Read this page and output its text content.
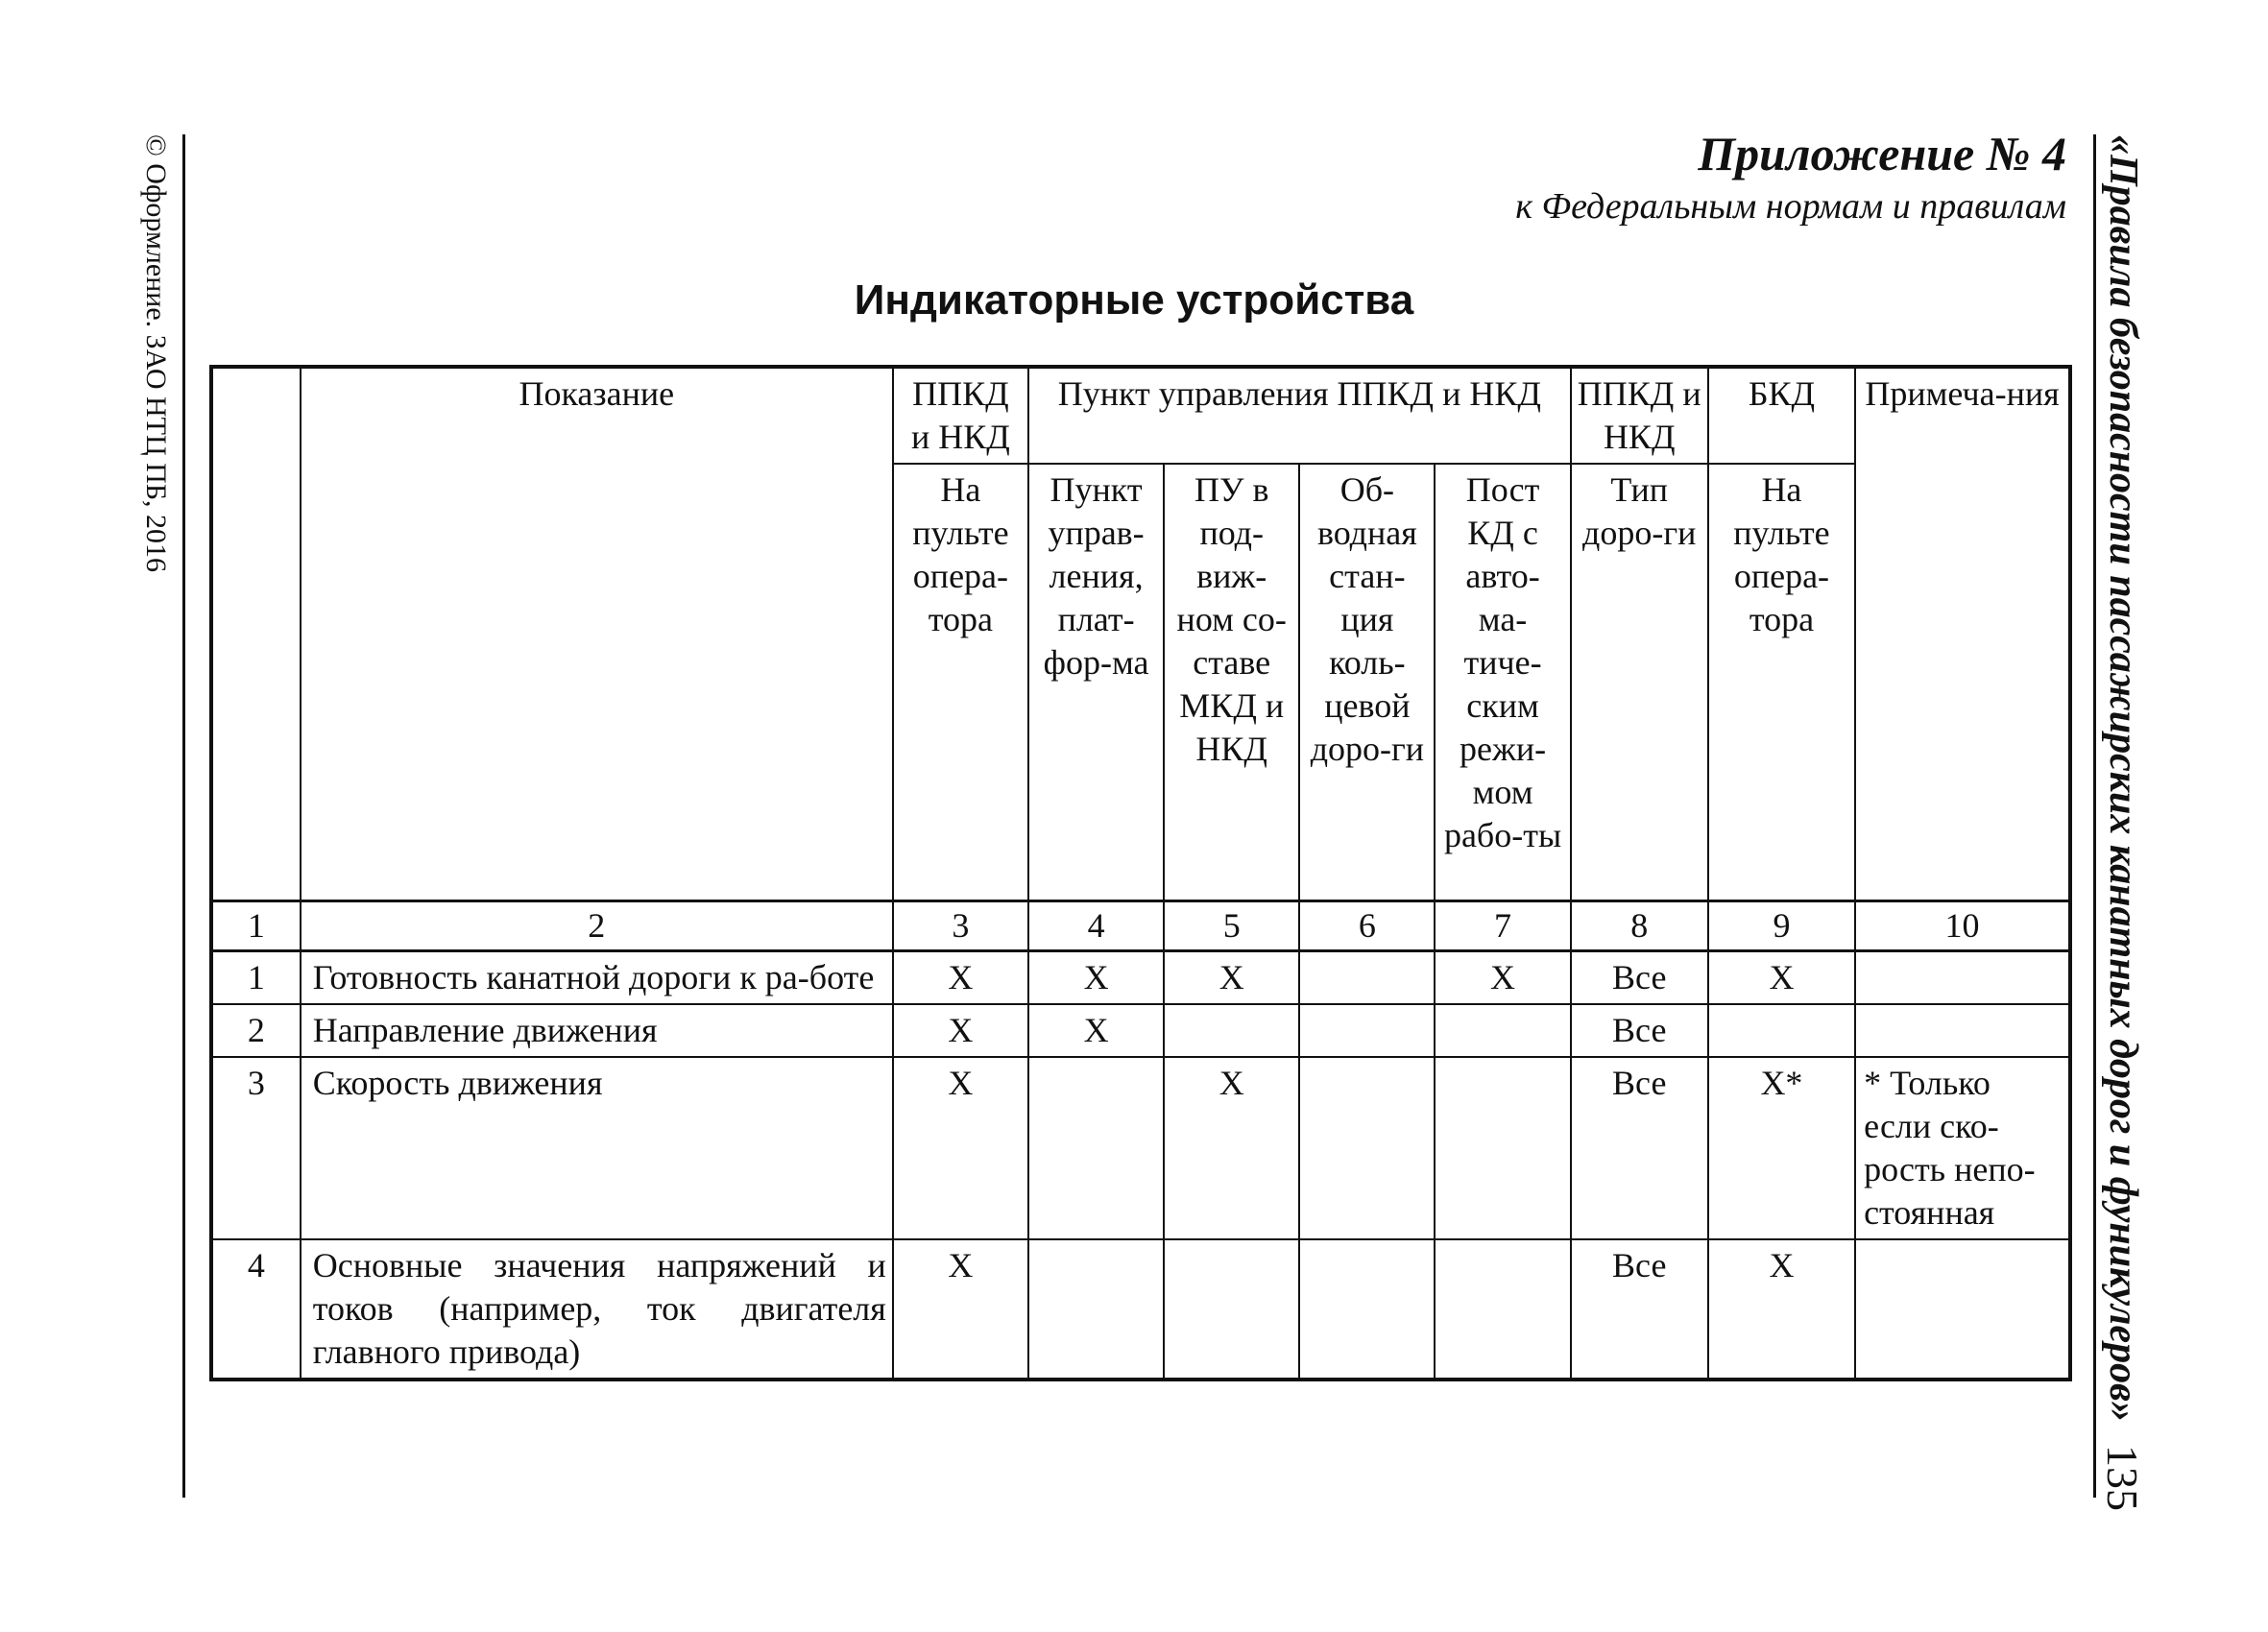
© Оформление. ЗАО НТЦ ПБ, 2016	«Правила безопасности пассажирских канатных дорог и фуникулеров»
135
Приложение № 4
к Федеральным нормам и правилам
Индикаторные устройства
	Показание	ППКД и НКД	Пункт управления ППКД и НКД				ППКД и НКД	БКД	Примеча-ния
		На пульте опера-тора	Пункт управ-ления, плат-фор-ма	ПУ в под-виж-ном со-ставе МКД и НКД	Об-водная стан-ция коль-цевой доро-ги	Пост КД с авто-ма-тиче-ским режи-мом рабо-ты	Тип доро-ги	На пульте опера-тора	
1	2	3	4	5	6	7	8	9	10
1	Готовность канатной дороги к ра-боте	X	X	X		X	Все	X	
2	Направление движения	X	X				Все		
3	Скорость движения	X		X			Все	X*	* Только если ско-рость непо-стоянная
4	Основные значения напряжений и токов (например, ток двигателя главного привода)	X					Все	X	
